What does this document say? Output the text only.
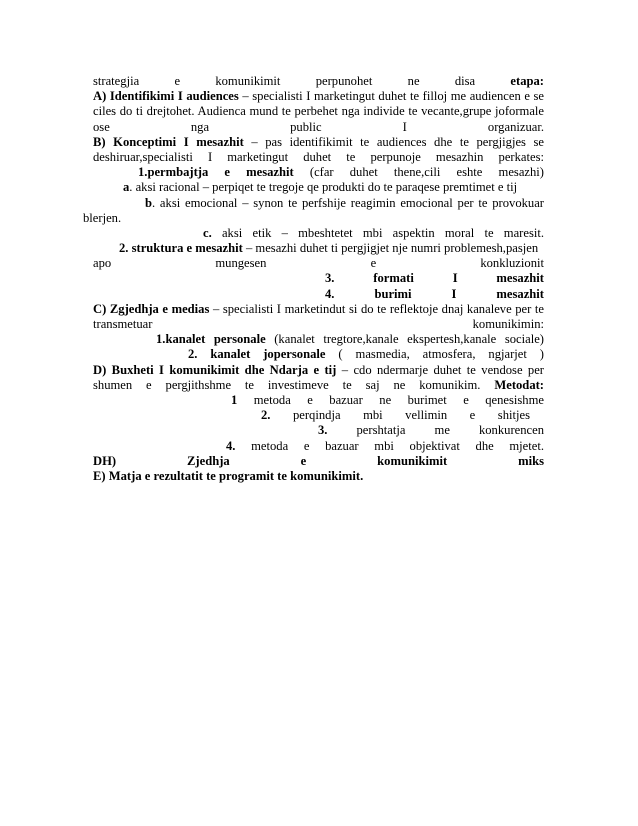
strategjia e komunikimit perpunohet ne disa	etapa:
A) Identifikimi I audiences – specialisti I marketingut duhet te filloj me audiencen e se
ciles do ti drejtohet. Audienca mund te perbehet nga individe te vecante,grupe joformale
ose nga public I organizuar.
B) Konceptimi I mesazhit – pas identifikimit te audiences dhe te pergjigjes se
deshiruar,specialisti I marketingut duhet te perpunoje mesazhin perkates:
1.permbajtja e mesazhit (cfar duhet thene,cili eshte mesazhi)
a. aksi racional – perpiqet te tregoje qe produkti do te paraqese premtimet e tij
b. aksi emocional – synon te perfshije reagimin emocional per te provokuar
blerjen.
c. aksi etik – mbeshtetet mbi aspektin moral te maresit.
2. struktura e mesazhit – mesazhi duhet ti pergjigjet nje numri problemesh,pasjen
apo mungesen e konkluzionit
3. formati I mesazhit
4. burimi I mesazhit
C) Zgjedhja e medias – specialisti I marketindut si do te reflektoje dnaj kanaleve per te
transmetuar komunikimin:
1.kanalet personale (kanalet tregtore,kanale ekspertesh,kanale sociale)
2. kanalet jopersonale ( masmedia, atmosfera, ngjarjet )
D) Buxheti I komunikimit dhe Ndarja e tij – cdo ndermarje duhet te vendose per
shumen e pergjithshme te investimeve te saj ne komunikim. Metodat:
1 metoda e bazuar ne burimet e qenesishme
2. perqindja mbi vellimin e shitjes
3. pershtatja me konkurencen
4. metoda e bazuar mbi objektivat dhe mjetet.
DH) Zjedhja e komunikimit miks
E) Matja e rezultatit te programit te komunikimit.
